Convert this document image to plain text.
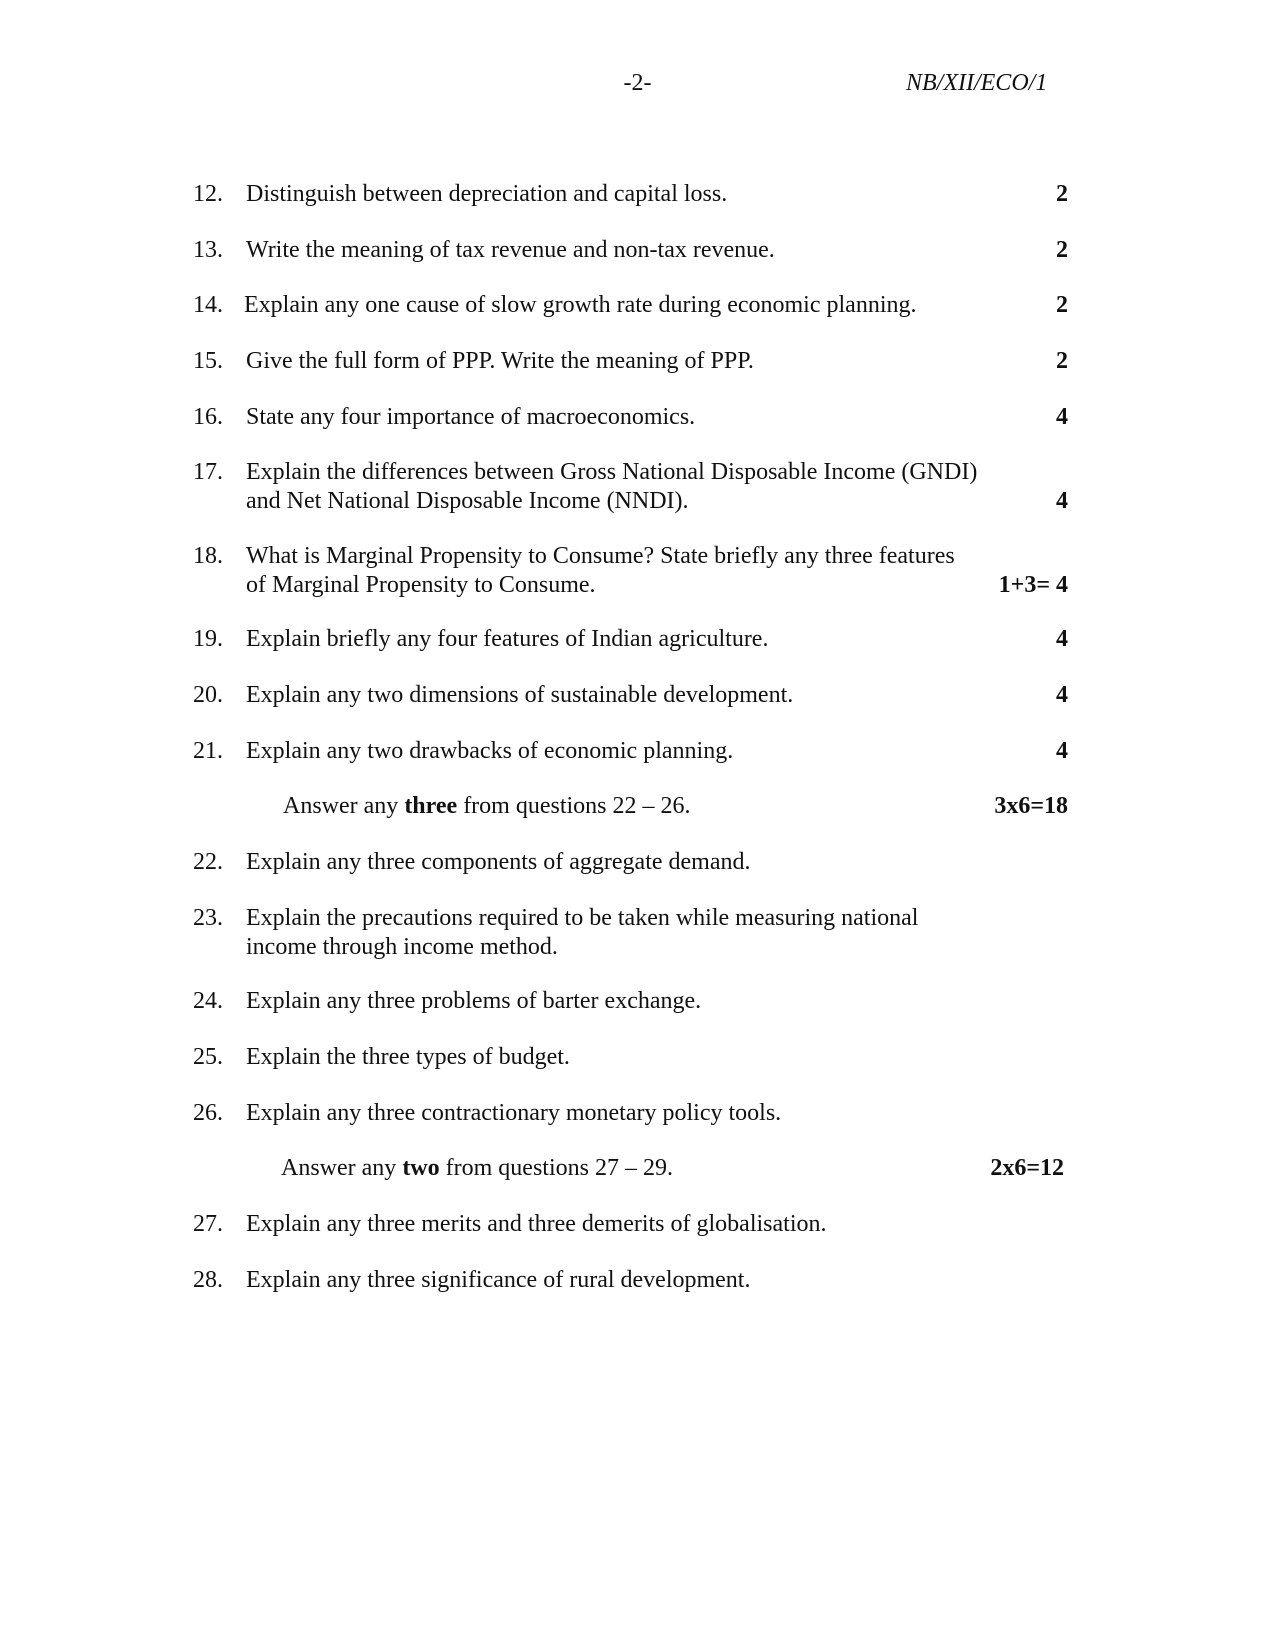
-2-	NB/XII/ECO/1
12. Distinguish between depreciation and capital loss.	2
13. Write the meaning of tax revenue and non-tax revenue.	2
14. Explain any one cause of slow growth rate during economic planning.	2
15. Give the full form of PPP. Write the meaning of PPP.	2
16. State any four importance of macroeconomics.	4
17. Explain the differences between Gross National Disposable Income (GNDI)
and Net National Disposable Income (NNDI).	4
18. What is Marginal Propensity to Consume? State briefly any three features
of Marginal Propensity to Consume.	1+3= 4
19. Explain briefly any four features of Indian agriculture.	4
20. Explain any two dimensions of sustainable development.	4
21. Explain any two drawbacks of economic planning.	4
Answer any three from questions 22 – 26.	3x6=18
22. Explain any three components of aggregate demand.
23. Explain the precautions required to be taken while measuring national
income through income method.
24. Explain any three problems of barter exchange.
25. Explain the three types of budget.
26. Explain any three contractionary monetary policy tools.
Answer any two from questions 27 – 29.	2x6=12
27. Explain any three merits and three demerits of globalisation.
28. Explain any three significance of rural development.
